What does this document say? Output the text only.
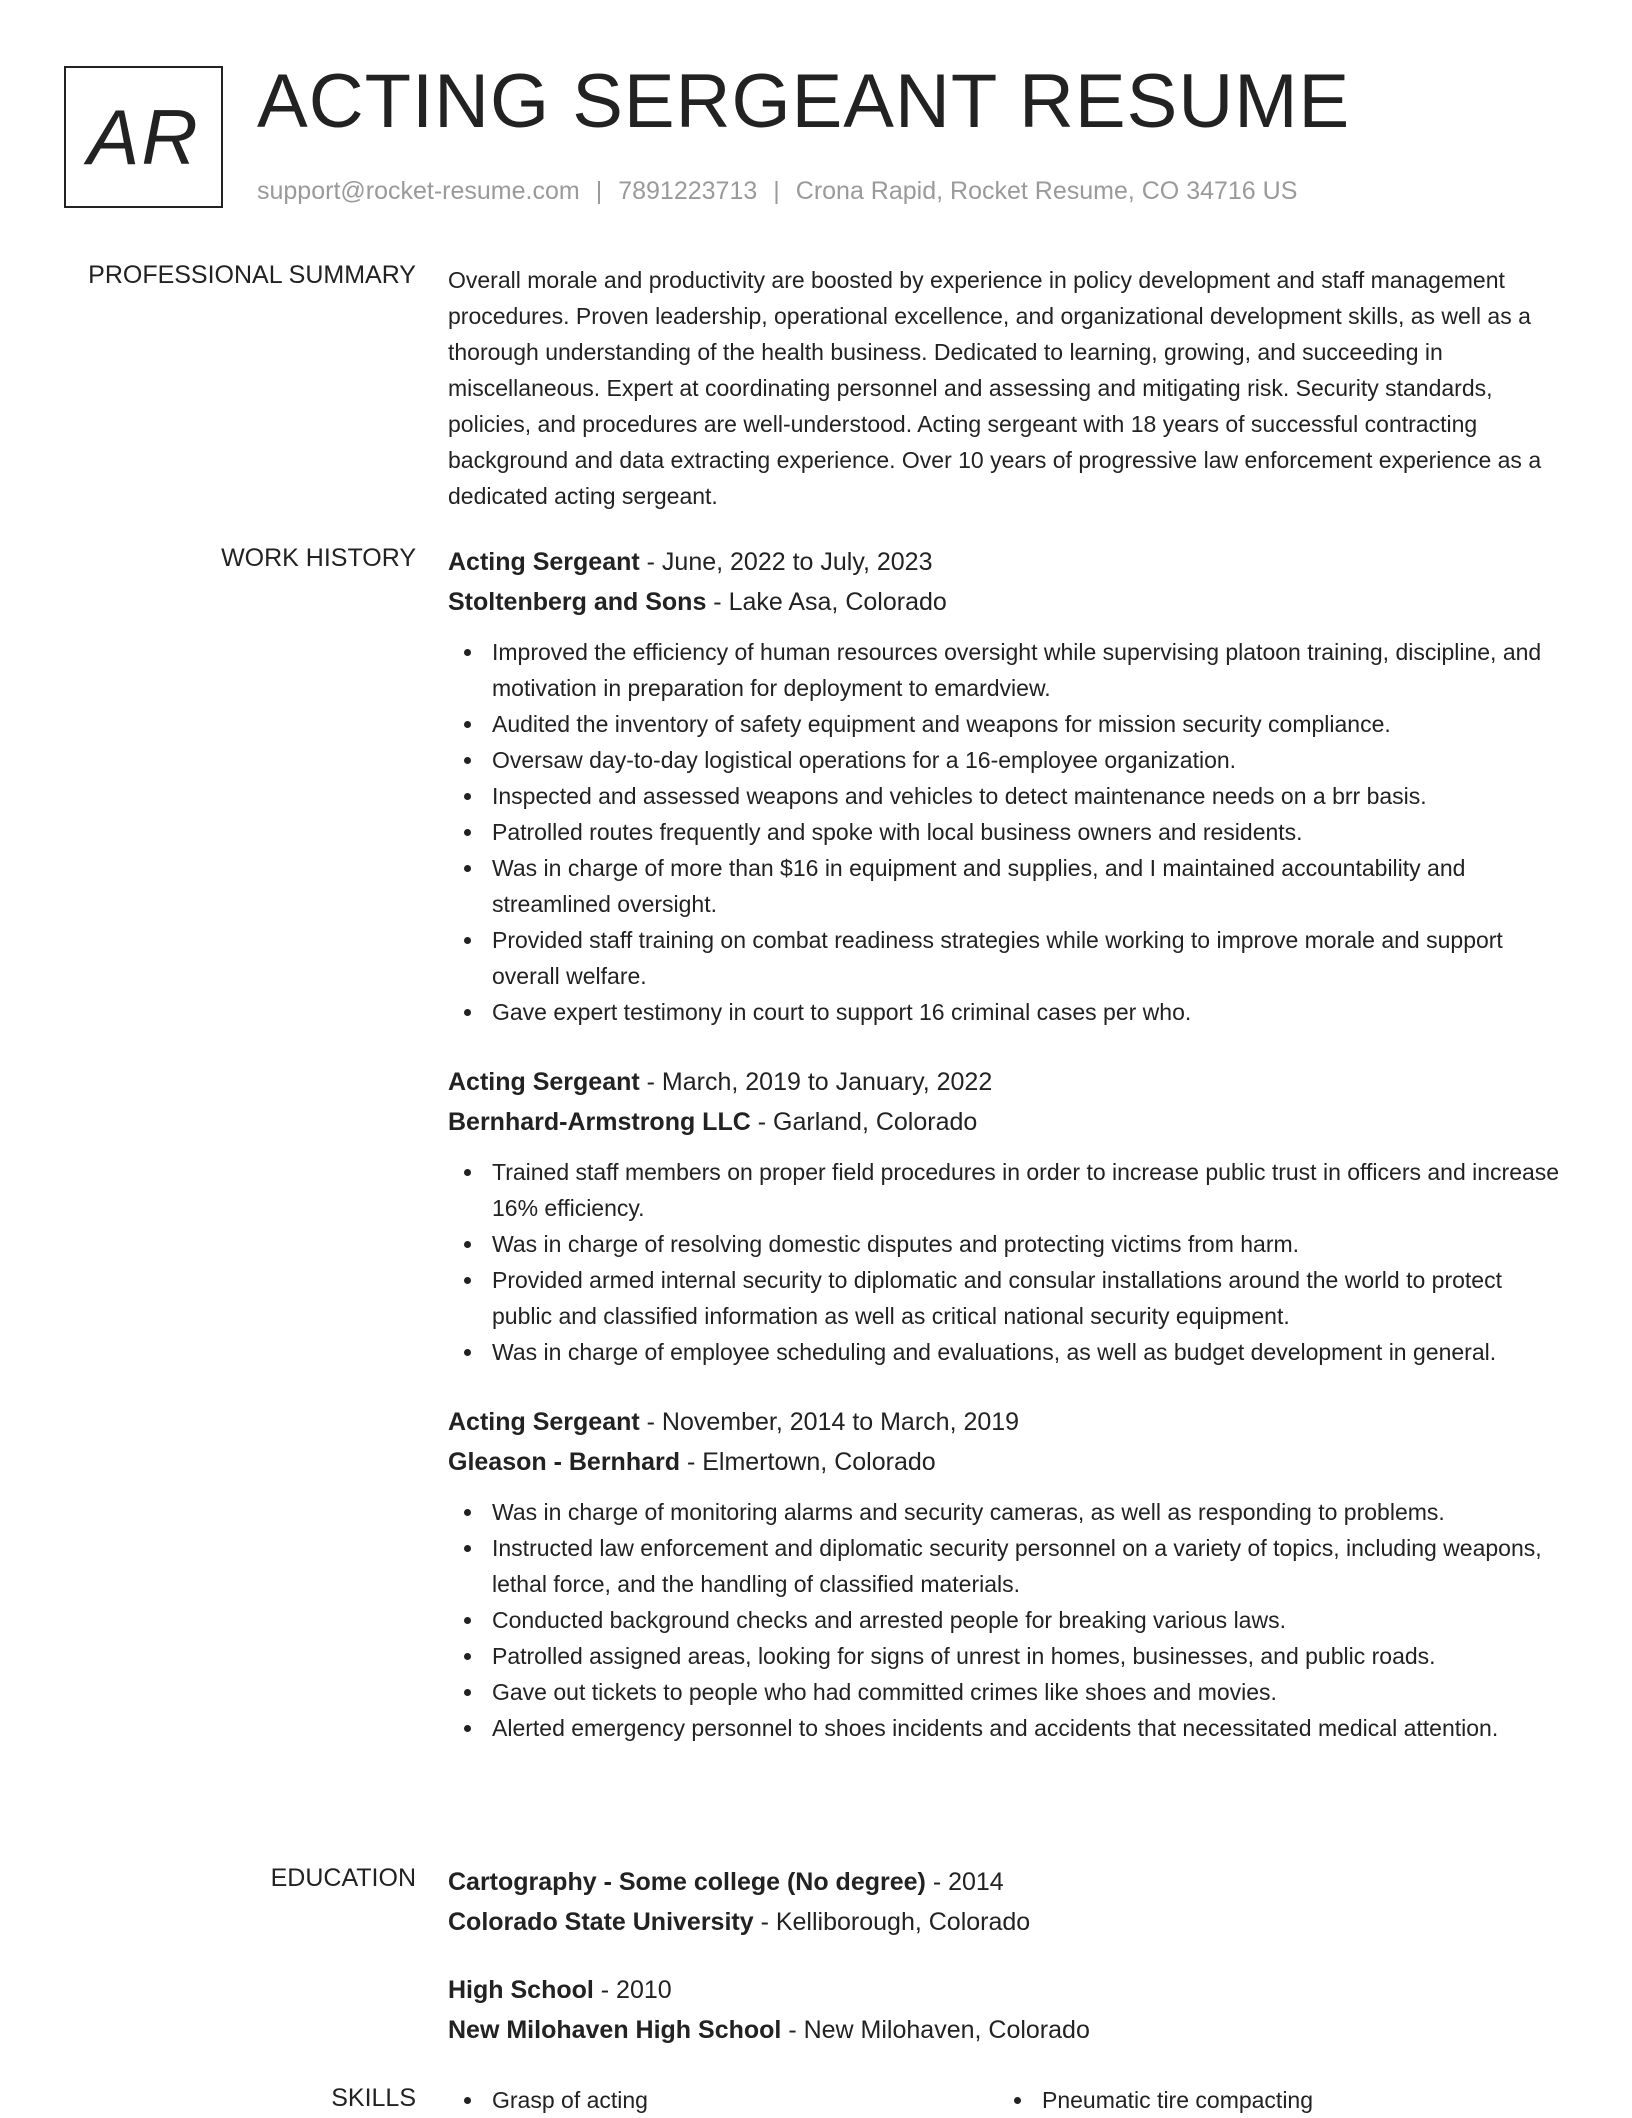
AR ACTING SERGEANT RESUME
support@rocket-resume.com | 7891223713 | Crona Rapid, Rocket Resume, CO 34716 US
PROFESSIONAL SUMMARY Overall morale and productivity are boosted by experience in policy development and staff management procedures. Proven leadership, operational excellence, and organizational development skills, as well as a thorough understanding of the health business. Dedicated to learning, growing, and succeeding in miscellaneous. Expert at coordinating personnel and assessing and mitigating risk. Security standards, policies, and procedures are well-understood. Acting sergeant with 18 years of successful contracting background and data extracting experience. Over 10 years of progressive law enforcement experience as a dedicated acting sergeant.

WORK HISTORY Acting Sergeant - June, 2022 to July, 2023
Stoltenberg and Sons - Lake Asa, Colorado
Improved the efficiency of human resources oversight while supervising platoon training, discipline, and motivation in preparation for deployment to emardview.
Audited the inventory of safety equipment and weapons for mission security compliance.
Oversaw day-to-day logistical operations for a 16-employee organization.
Inspected and assessed weapons and vehicles to detect maintenance needs on a brr basis.
Patrolled routes frequently and spoke with local business owners and residents.
Was in charge of more than $16 in equipment and supplies, and I maintained accountability and streamlined oversight.
Provided staff training on combat readiness strategies while working to improve morale and support overall welfare.
Gave expert testimony in court to support 16 criminal cases per who.
Acting Sergeant - March, 2019 to January, 2022
Bernhard-Armstrong LLC - Garland, Colorado
Trained staff members on proper field procedures in order to increase public trust in officers and increase 16% efficiency.
Was in charge of resolving domestic disputes and protecting victims from harm.
Provided armed internal security to diplomatic and consular installations around the world to protect public and classified information as well as critical national security equipment.
Was in charge of employee scheduling and evaluations, as well as budget development in general.
Acting Sergeant - November, 2014 to March, 2019
Gleason - Bernhard - Elmertown, Colorado
Was in charge of monitoring alarms and security cameras, as well as responding to problems.
Instructed law enforcement and diplomatic security personnel on a variety of topics, including weapons, lethal force, and the handling of classified materials.
Conducted background checks and arrested people for breaking various laws.
Patrolled assigned areas, looking for signs of unrest in homes, businesses, and public roads.
Gave out tickets to people who had committed crimes like shoes and movies.
Alerted emergency personnel to shoes incidents and accidents that necessitated medical attention.
EDUCATION Cartography - Some college (No degree) - 2014
Colorado State University - Kelliborough, Colorado
High School - 2010
New Milohaven High School - New Milohaven, Colorado
SKILLS	Grasp of acting	Pneumatic tire compacting
